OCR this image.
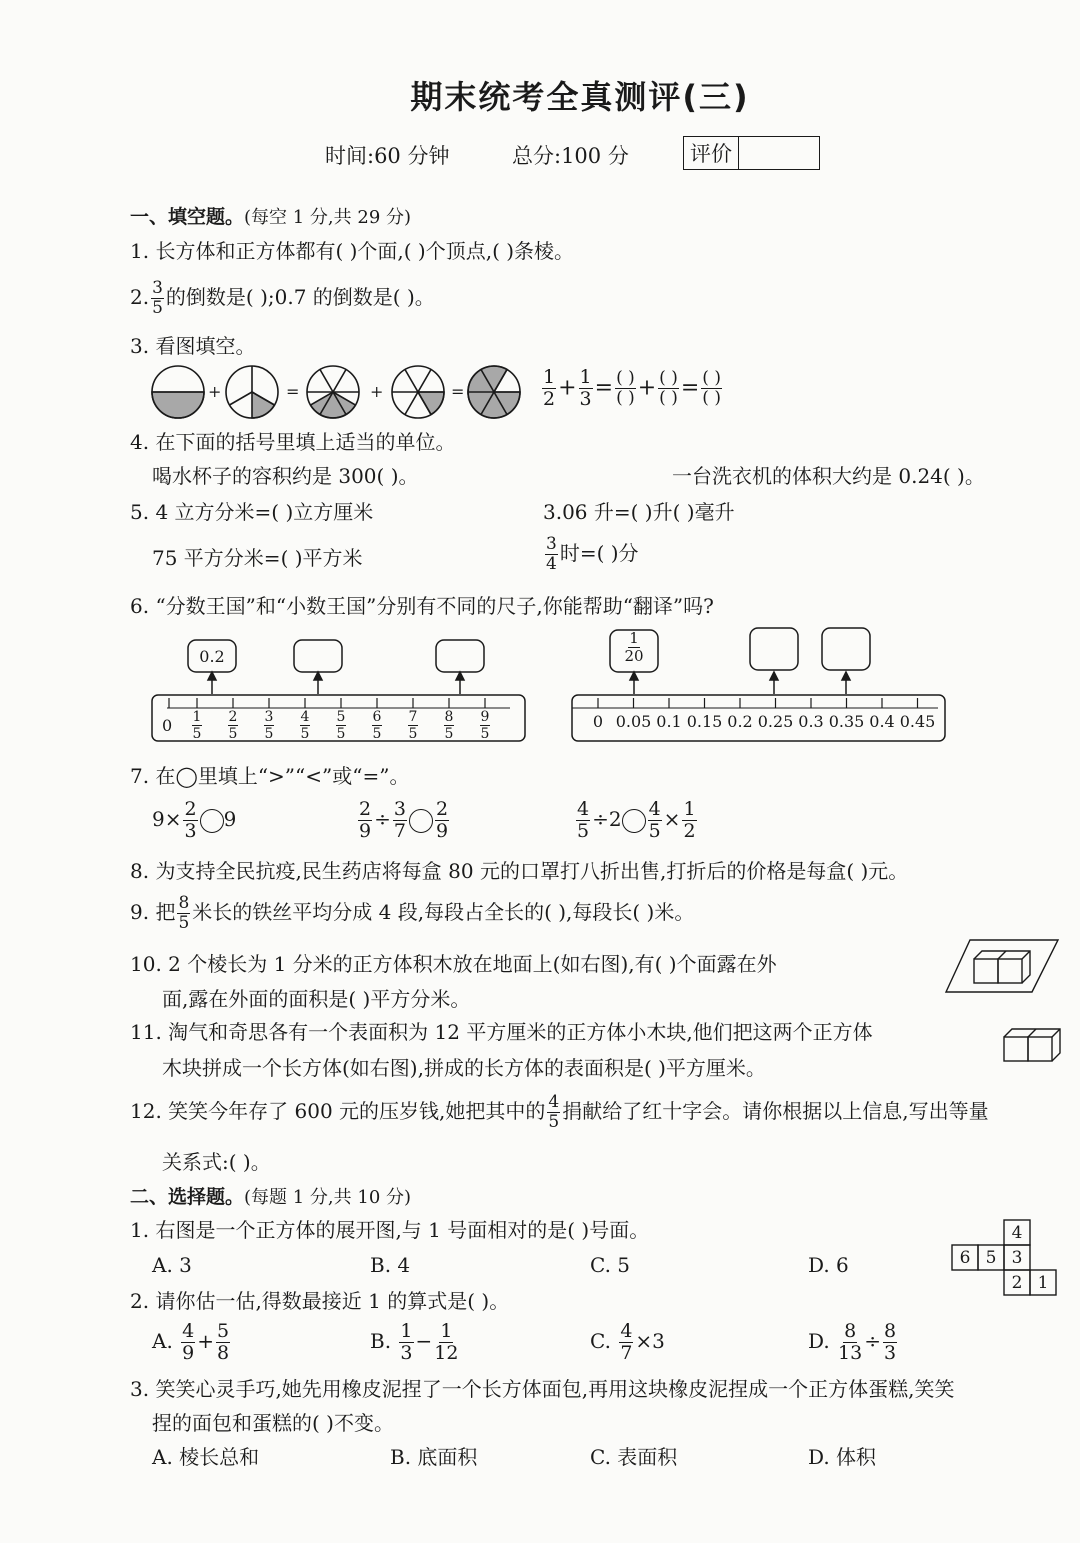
期末统考全真测评(三)
时间:60 分钟	总分:100 分	评价
一、填空题。(每空 1 分,共 29 分)
1. 长方体和正方体都有( )个面,( )个顶点,( )条棱。
2. $\frac{3}{5}$ 的倒数是( );0.7 的倒数是( )。
3. 看图填空。
+	=	+	=	$\frac{1}{2} + \frac{1}{3} = \frac{( )}{( )} + \frac{( )}{( )} = \frac{( )}{( )}$
4. 在下面的括号里填上适当的单位。
喝水杯子的容积约是 300( )。	一台洗衣机的体积大约是 0.24( )。
5. 4 立方分米=( )立方厘米	3.06 升=( )升( )毫升
75 平方分米=( )平方米	$\frac{3}{4}$ 时=( )分
6. “分数王国”和“小数王国”分别有不同的尺子,你能帮助“翻译”吗?
0.2	$\frac{1}{20}$
$0 \frac{1}{5} \frac{2}{5} \frac{3}{5} \frac{4}{5} \frac{5}{5} \frac{6}{5} \frac{7}{5} \frac{8}{5} \frac{9}{5}$	0 0.05 0.1 0.15 0.2 0.25 0.3 0.35 0.4 0.45
7. 在◯里填上“>”“<”或“=”。
$9\times \frac{2}{3} 9$	$\frac{2}{9} \div \frac{3}{7} \frac{2}{9}$	$\frac{4}{5} \div 2 \frac{4}{5} \times \frac{1}{2}$
8. 为支持全民抗疫,民生药店将每盒 80 元的口罩打八折出售,打折后的价格是每盒( )元。
9. 把 $\frac{8}{5}$ 米长的铁丝平均分成 4 段,每段占全长的( ),每段长( )米。
10. 2 个棱长为 1 分米的正方体积木放在地面上(如右图),有( )个面露在外
面,露在外面的面积是( )平方分米。
11. 淘气和奇思各有一个表面积为 12 平方厘米的正方体小木块,他们把这两个正方体
木块拼成一个长方体(如右图),拼成的长方体的表面积是( )平方厘米。
12. 笑笑今年存了 600 元的压岁钱,她把其中的 $\frac{4}{5}$ 捐献给了红十字会。请你根据以上信息,写出等量
关系式:( )。
二、选择题。(每题 1 分,共 10 分)
1. 右图是一个正方体的展开图,与 1 号面相对的是( )号面。
A. 3	B. 4	C. 5	D. 6
4
6 5 3
2 1
2. 请你估一估,得数最接近 1 的算式是( )。
A. $\frac{4}{9} + \frac{5}{8}$	B. $\frac{1}{3} - \frac{1}{12}$	C. $\frac{4}{7} \times 3$	D. $\frac{8}{13} \div \frac{8}{3}$
3. 笑笑心灵手巧,她先用橡皮泥捏了一个长方体面包,再用这块橡皮泥捏成一个正方体蛋糕,笑笑
捏的面包和蛋糕的( )不变。
A. 棱长总和	B. 底面积	C. 表面积	D. 体积
